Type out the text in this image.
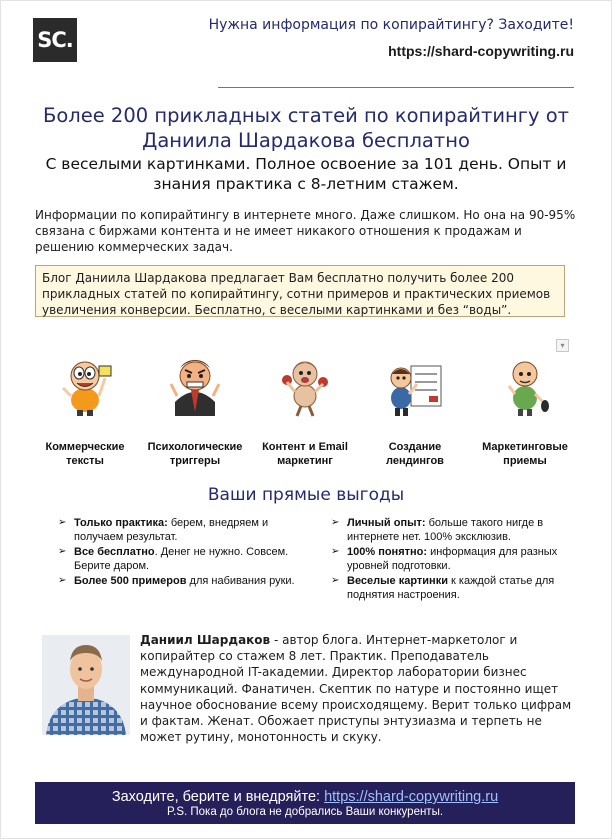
SC.
Нужна информация по копирайтингу? Заходите!
https://shard-copywriting.ru
Более 200 прикладных статей по копирайтингу от Даниила Шардакова бесплатно
С веселыми картинками. Полное освоение за 101 день. Опыт и знания практика с 8-летним стажем.

Информации по копирайтингу в интернете много. Даже слишком. Но она на 90-95% связана с биржами контента и не имеет никакого отношения к продажам и решению коммерческих задач.

Блог Даниила Шардакова предлагает Вам бесплатно получить более 200 прикладных статей по копирайтингу, сотни примеров и практических приемов увеличения конверсии. Бесплатно, с веселыми картинками и без “воды”.
▾
Коммерческие тексты
Психологические триггеры
Контент и Email маркетинг
Создание лендингов
Маркетинговые приемы
Ваши прямые выгоды
➢ Только практика: берем, внедряем и получаем результат.
➢ Все бесплатно. Денег не нужно. Совсем. Берите даром.
➢ Более 500 примеров для набивания руки.
➢ Личный опыт: больше такого нигде в интернете нет. 100% эксклюзив.
➢ 100% понятно: информация для разных уровней подготовки.
➢ Веселые картинки к каждой статье для поднятия настроения.

Даниил Шардаков - автор блога. Интернет-маркетолог и копирайтер со стажем 8 лет. Практик. Преподаватель международной IT-академии. Директор лаборатории бизнес коммуникаций. Фанатичен. Скептик по натуре и постоянно ищет научное обоснование всему происходящему. Верит только цифрам и фактам. Женат. Обожает приступы энтузиазма и терпеть не может рутину, монотонность и скуку.

Заходите, берите и внедряйте: https://shard-copywriting.ru
P.S. Пока до блога не добрались Ваши конкуренты.
